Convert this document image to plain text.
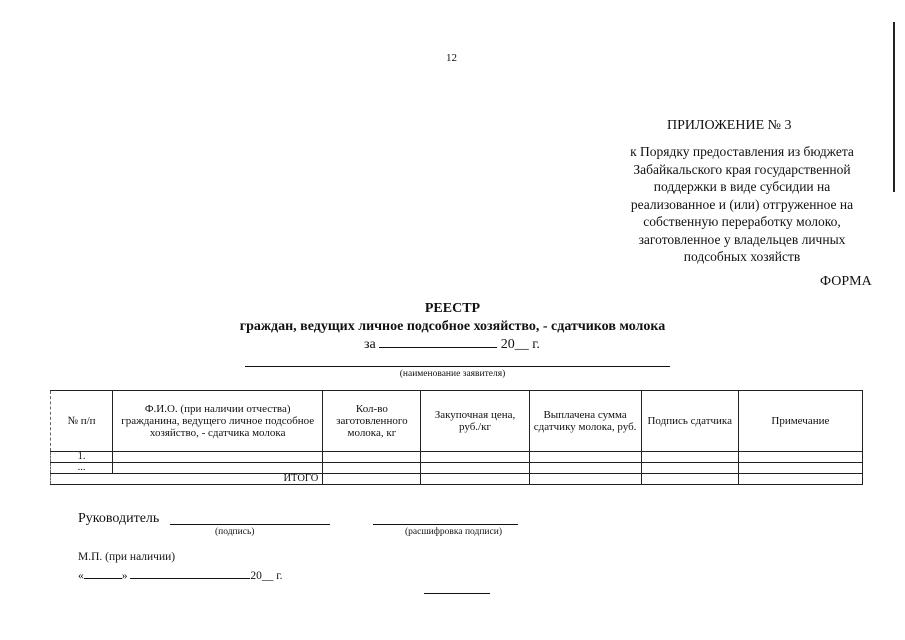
12
ПРИЛОЖЕНИЕ № 3
к Порядку предоставления из бюджета
Забайкальского края государственной
поддержки в виде субсидии на
реализованное и (или) отгруженное на
собственную переработку молоко,
заготовленное у владельцев личных
подсобных хозяйств
ФОРМА
РЕЕСТР
граждан, ведущих личное подсобное хозяйство, - сдатчиков молока
за	20__ г.
(наименование заявителя)
№ п/п	Ф.И.О. (при наличии отчества) гражданина, ведущего личное подсобное хозяйство, - сдатчика молока	Кол-во заготовленного молока, кг	Закупочная цена, руб./кг	Выплачена сумма сдатчику молока, руб.	Подпись сдатчика	Примечание
1.						
...						
ИТОГО						
Руководитель
(подпись)	(расшифровка подписи)
М.П. (при наличии)
«	»	20__ г.
